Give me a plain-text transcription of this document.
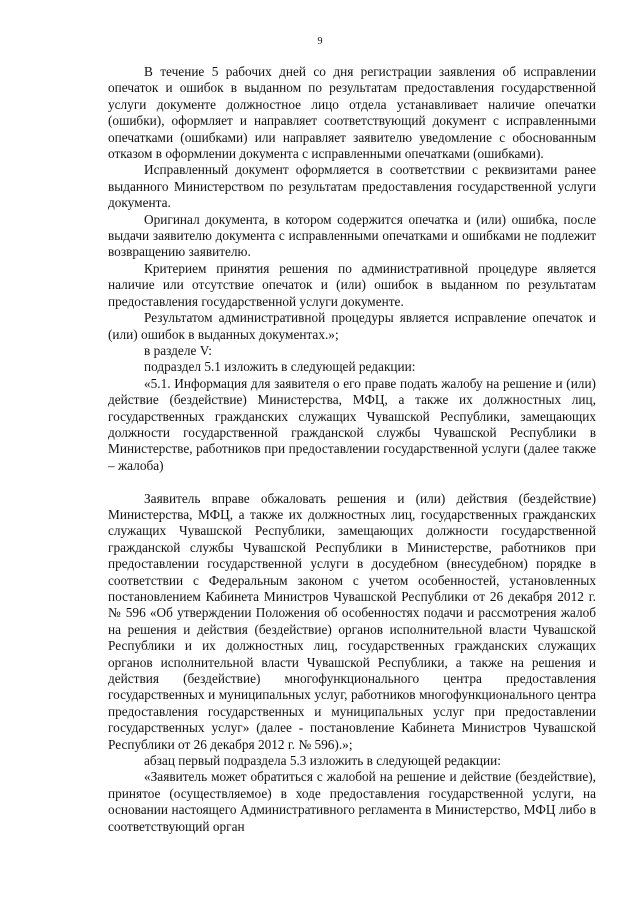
9

В течение 5 рабочих дней со дня регистрации заявления об исправлении опечаток и ошибок в выданном по результатам предоставления государственной услуги документе должностное лицо отдела устанавливает наличие опечатки (ошибки), оформляет и направляет соответствующий документ с исправленными опечатками (ошибками) или направляет заявителю уведомление с обоснованным отказом в оформлении документа с исправленными опечатками (ошибками).

Исправленный документ оформляется в соответствии с реквизитами ранее выданного Министерством по результатам предоставления государственной услуги документа.

Оригинал документа, в котором содержится опечатка и (или) ошибка, после выдачи заявителю документа с исправленными опечатками и ошибками не подлежит возвращению заявителю.

Критерием принятия решения по административной процедуре является наличие или отсутствие опечаток и (или) ошибок в выданном по результатам предоставления государственной услуги документе.

Результатом административной процедуры является исправление опечаток и (или) ошибок в выданных документах.»;

в разделе V:

подраздел 5.1 изложить в следующей редакции:

«5.1. Информация для заявителя о его праве подать жалобу на решение и (или) действие (бездействие) Министерства, МФЦ, а также их должностных лиц, государственных гражданских служащих Чувашской Республики, замещающих должности государственной гражданской службы Чувашской Республики в Министерстве, работников при предоставлении государственной услуги (далее также – жалоба)

Заявитель вправе обжаловать решения и (или) действия (бездействие) Министерства, МФЦ, а также их должностных лиц, государственных гражданских служащих Чувашской Республики, замещающих должности государственной гражданской службы Чувашской Республики в Министерстве, работников при предоставлении государственной услуги в досудебном (внесудебном) порядке в соответствии с Федеральным законом с учетом особенностей, установленных постановлением Кабинета Министров Чувашской Республики от 26 декабря 2012 г. № 596 «Об утверждении Положения об особенностях подачи и рассмотрения жалоб на решения и действия (бездействие) органов исполнительной власти Чувашской Республики и их должностных лиц, государственных гражданских служащих органов исполнительной власти Чувашской Республики, а также на решения и действия (бездействие) многофункционального центра предоставления государственных и муниципальных услуг, работников многофункционального центра предоставления государственных и муниципальных услуг при предоставлении государственных услуг» (далее - постановление Кабинета Министров Чувашской Республики от 26 декабря 2012 г. № 596).»;

абзац первый подраздела 5.3 изложить в следующей редакции:

«Заявитель может обратиться с жалобой на решение и действие (бездействие), принятое (осуществляемое) в ходе предоставления государственной услуги, на основании настоящего Административного регламента в Министерство, МФЦ либо в соответствующий орган
